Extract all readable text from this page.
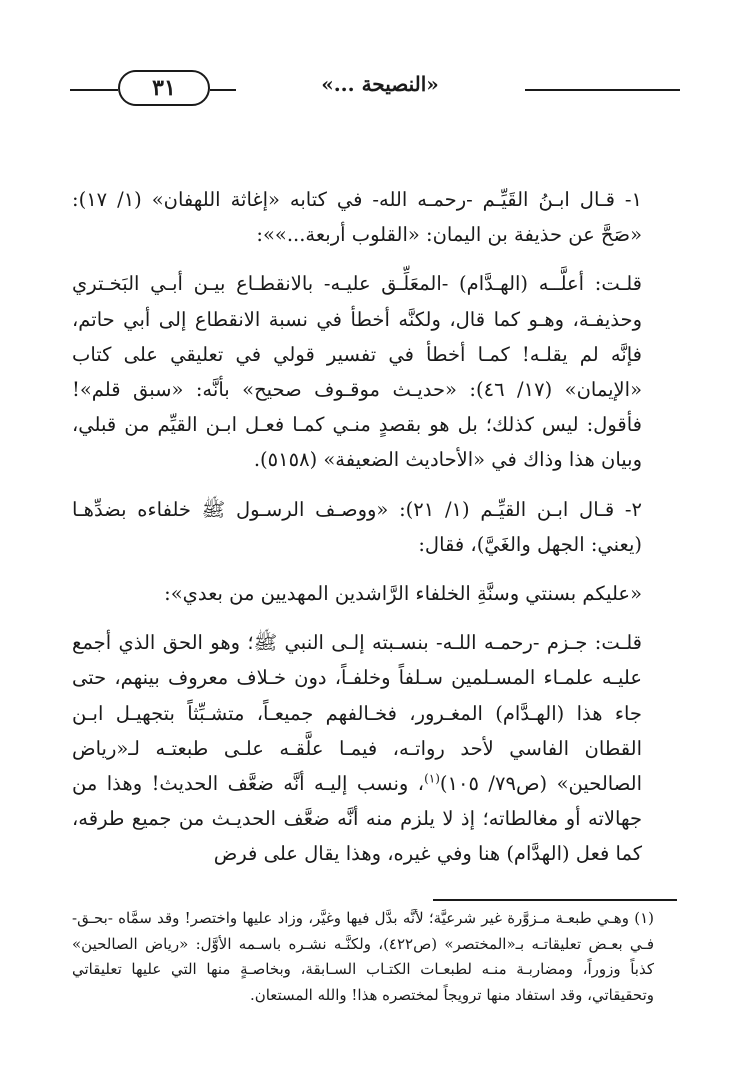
٣١	«النصيحة ...»

١- قـال ابـنُ القَيِّـم -رحمـه الله- في كتابه «إغاثة اللهفان» (١/ ١٧): «صَحَّ عن حذيفة بن اليمان: «القلوب أربعة...»»:

قلـت: أعلَّــه (الهـدَّام) -المعَلِّـق عليـه- بالانقطـاع بيـن أبـي البَخـتري وحذيفـة، وهـو كما قال، ولكنَّه أخطأ في نسبة الانقطاع إلى أبي حاتم، فإنَّه لم يقلـه! كمـا أخطأ في تفسير قولي في تعليقي على كتاب «الإيمان» (١٧/ ٤٦): «حديـث موقـوف صحيح» بأنَّه: «سبق قلم»! فأقول: ليس كذلك؛ بل هو بقصدٍ منـي كمـا فعـل ابـن القيِّم من قبلي، وبيان هذا وذاك في «الأحاديث الضعيفة» (٥١٥٨).

٢- قـال ابـن القيِّـم (١/ ٢١): «ووصـف الرسـول ﷺ خلفاءه بضدِّهـا (يعني: الجهل والغَيَّ)، فقال:

«عليكم بسنتي وسنَّةِ الخلفاء الرَّاشدين المهديين من بعدي»:

قلـت: جـزم -رحمـه اللـه- بنسـبته إلـى النبي ﷺ؛ وهو الحق الذي أجمع عليـه علمـاء المسـلمين سـلفاً وخلفـاً، دون خـلاف معروف بينهم، حتى جاء هذا (الهـدَّام) المغـرور، فخـالفهم جميعـاً، متشـبِّثاً بتجهيـل ابـن القطان الفاسي لأحد رواتـه، فيمـا علَّقـه علـى طبعتـه لـ«رياض الصالحين» (ص٧٩/ ١٠٥)$^{(١)}$، ونسب إليـه أنَّه ضعَّف الحديث! وهذا من جهالاته أو مغالطاته؛ إذ لا يلزم منه أنَّه ضعَّف الحديـث من جميع طرقه، كما فعل (الهدَّام) هنا وفي غيره، وهذا يقال على فرض

(١) وهـي طبعـة مـزوَّرة غير شرعيَّة؛ لأنَّه بدَّل فيها وغيَّر، وزاد عليها واختصر! وقد سمَّاه -بحـق- فـي بعـض تعليقاتـه بـ«المختصر» (ص٤٢٢)، ولكنَّـه نشـره باسـمه الأوَّل: «رياض الصالحين» كذباً وزوراً، ومضاربـة منـه لطبعـات الكتـاب السـابقة، وبخاصـةٍ منها التي عليها تعليقاتي وتحقيقاتي، وقد استفاد منها ترويجاً لمختصره هذا! والله المستعان.
